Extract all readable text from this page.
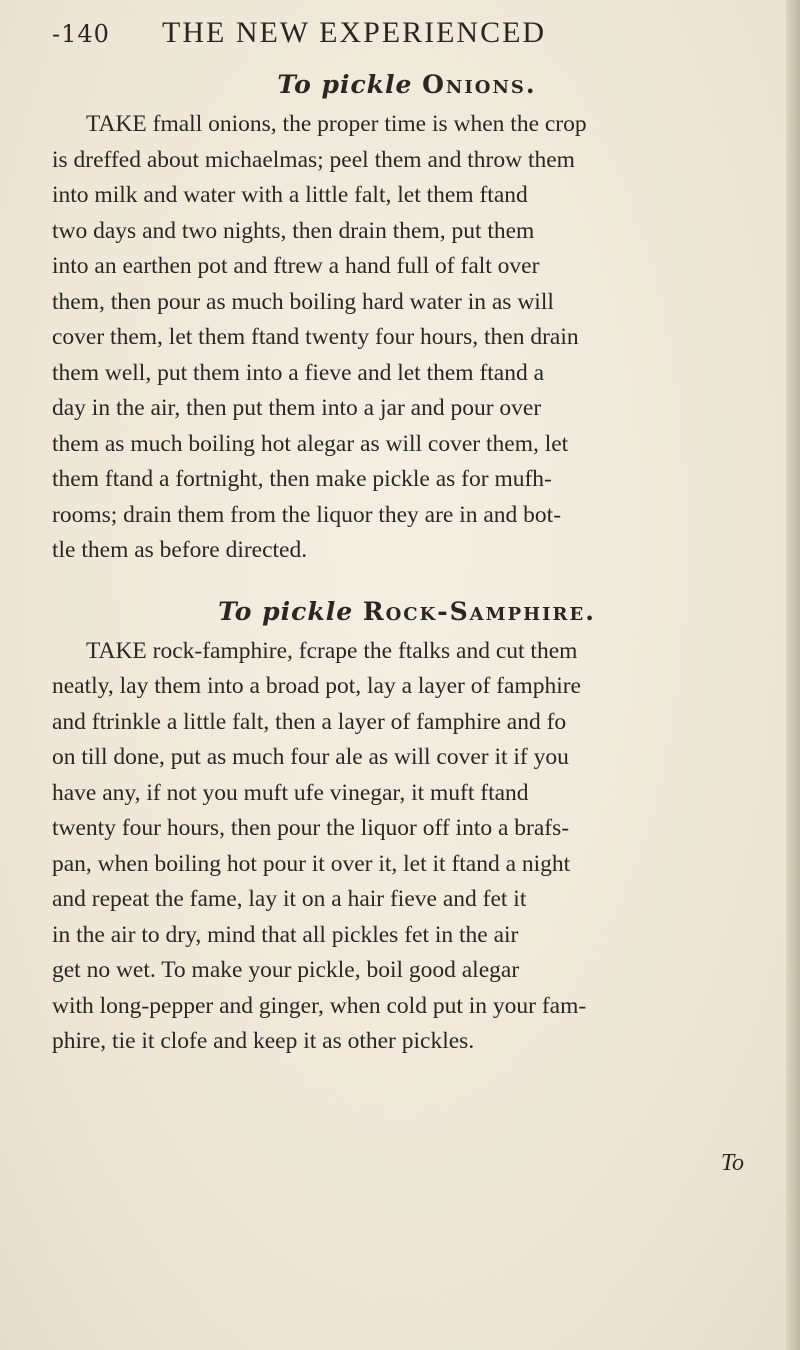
-140 THE NEW EXPERIENCED
To pickle Onions.

TAKE fmall onions, the proper time is when the crop
is dreffed about michaelmas; peel them and throw them
into milk and water with a little falt, let them ftand
two days and two nights, then drain them, put them
into an earthen pot and ftrew a hand full of falt over
them, then pour as much boiling hard water in as will
cover them, let them ftand twenty four hours, then drain
them well, put them into a fieve and let them ftand a
day in the air, then put them into a jar and pour over
them as much boiling hot alegar as will cover them, let
them ftand a fortnight, then make pickle as for mufh-
rooms; drain them from the liquor they are in and bot-
tle them as before directed.

To pickle Rock-Samphire.

TAKE rock-famphire, fcrape the ftalks and cut them
neatly, lay them into a broad pot, lay a layer of famphire
and ftrinkle a little falt, then a layer of famphire and fo
on till done, put as much four ale as will cover it if you
have any, if not you muft ufe vinegar, it muft ftand
twenty four hours, then pour the liquor off into a brafs-
pan, when boiling hot pour it over it, let it ftand a night
and repeat the fame, lay it on a hair fieve and fet it
in the air to dry, mind that all pickles fet in the air
get no wet. To make your pickle, boil good alegar
with long-pepper and ginger, when cold put in your fam-
phire, tie it clofe and keep it as other pickles.

To
